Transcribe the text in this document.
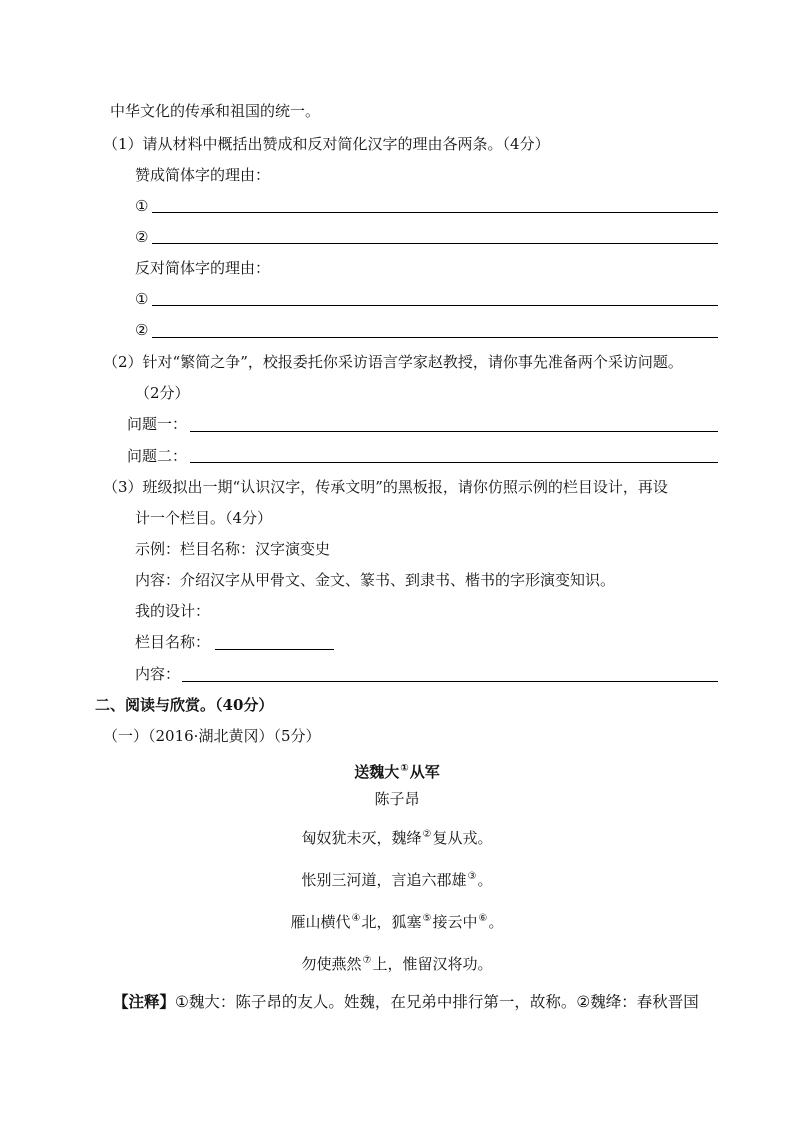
中华文化的传承和祖国的统一。
（1）请从材料中概括出赞成和反对简化汉字的理由各两条。（4分）
赞成简体字的理由：
①
②
反对简体字的理由：
①
②
（2）针对“繁简之争”，校报委托你采访语言学家赵教授，请你事先准备两个采访问题。
（2分）
问题一：
问题二：
（3）班级拟出一期“认识汉字，传承文明”的黑板报，请你仿照示例的栏目设计，再设
计一个栏目。（4分）
示例：栏目名称：汉字演变史
内容：介绍汉字从甲骨文、金文、篆书、到隶书、楷书的字形演变知识。
我的设计：
栏目名称：
内容：
二、阅读与欣赏。（40分）
（一）（2016·湖北黄冈）（5分）
送魏大①从军
陈子昂
匈奴犹未灭，魏绛②复从戎。
怅别三河道，言追六郡雄③。
雁山横代④北，狐塞⑤接云中⑥。
勿使燕然⑦上，惟留汉将功。
【注释】①魏大：陈子昂的友人。姓魏，在兄弟中排行第一，故称。②魏绛：春秋晋国
